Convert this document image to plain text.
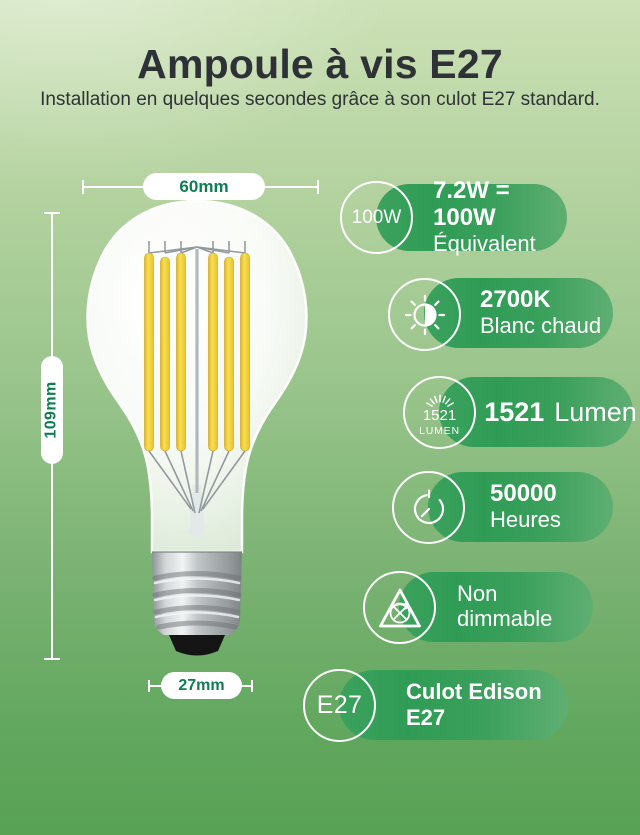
Ampoule à vis E27

Installation en quelques secondes grâce à son culot E27 standard.

60mm
109mm
27mm
7.2W = 100W
Équivalent
100W
2700K
Blanc chaud
1521 Lumen
1521
LUMEN
50000
Heures
Non dimmable
Culot Edison
E27
E27
